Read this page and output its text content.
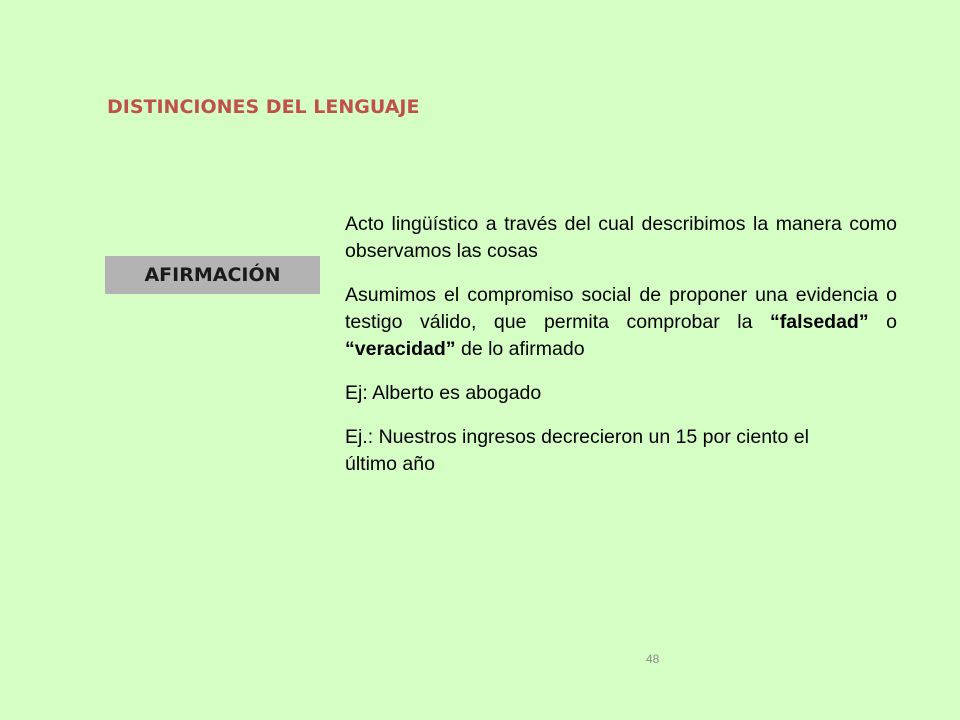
DISTINCIONES DEL LENGUAJE
AFIRMACIÓN

Acto lingüístico a través del cual describimos la manera como observamos las cosas

Asumimos el compromiso social de proponer una evidencia o testigo válido, que permita comprobar la “falsedad” o “veracidad” de lo afirmado

Ej: Alberto es abogado

Ej.: Nuestros ingresos decrecieron un 15 por ciento el último año

48
